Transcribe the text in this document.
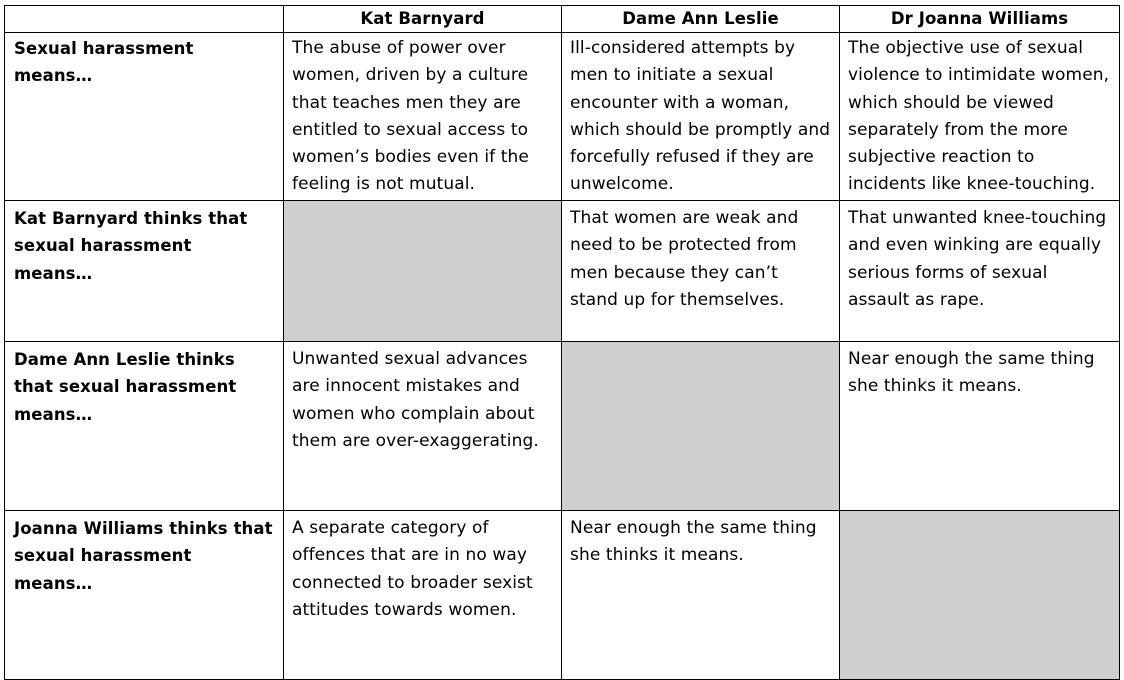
	Kat Barnyard	Dame Ann Leslie	Dr Joanna Williams
Sexual harassment means…	The abuse of power over women, driven by a culture that teaches men they are entitled to sexual access to women’s bodies even if the feeling is not mutual.	Ill-considered attempts by men to initiate a sexual encounter with a woman, which should be promptly and forcefully refused if they are unwelcome.	The objective use of sexual violence to intimidate women, which should be viewed separately from the more subjective reaction to incidents like knee-touching.
Kat Barnyard thinks that sexual harassment means…		That women are weak and need to be protected from men because they can’t stand up for themselves.	That unwanted knee-touching and even winking are equally serious forms of sexual assault as rape.
Dame Ann Leslie thinks that sexual harassment means…	Unwanted sexual advances are innocent mistakes and women who complain about them are over-exaggerating.		Near enough the same thing she thinks it means.
Joanna Williams thinks that sexual harassment means…	A separate category of offences that are in no way connected to broader sexist attitudes towards women.	Near enough the same thing she thinks it means.	
